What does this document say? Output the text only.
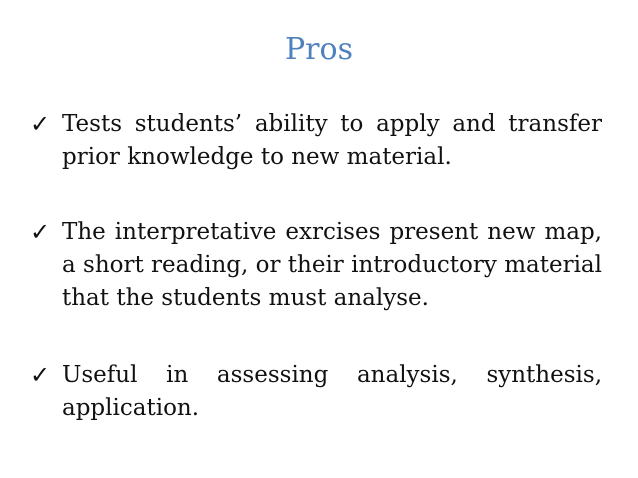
Pros
✓ Tests students’ ability to apply and transfer prior knowledge to new material.
✓ The interpretative exrcises present new map, a short reading, or their introductory material that the students must analyse.
✓ Useful in assessing analysis, synthesis, application.
